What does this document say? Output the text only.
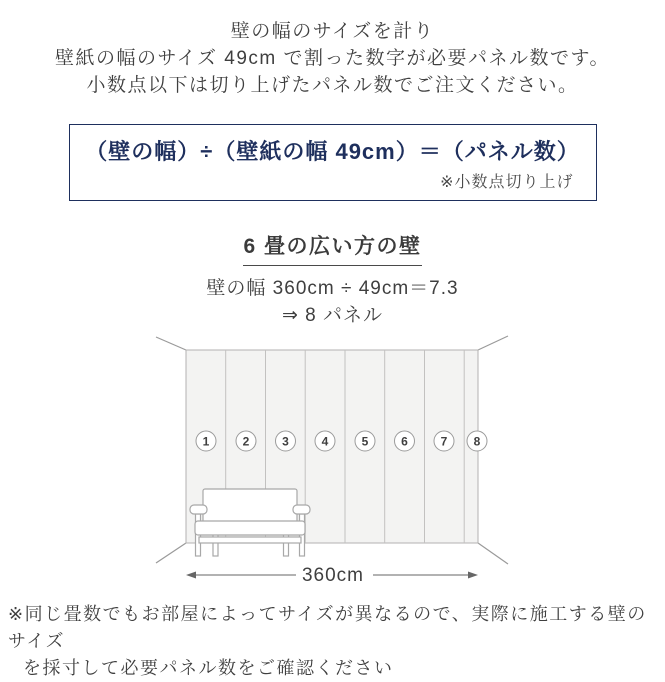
壁の幅のサイズを計り
壁紙の幅のサイズ 49cm で割った数字が必要パネル数です。
小数点以下は切り上げたパネル数でご注文ください。
（壁の幅）÷（壁紙の幅 49cm）＝（パネル数）
※小数点切り上げ
6 畳の広い方の壁
壁の幅 360cm ÷ 49cm＝7.3
⇒ 8 パネル
1	2	3	4	5	6	7 8
360cm
※同じ畳数でもお部屋によってサイズが異なるので、実際に施工する壁のサイズ
を採寸して必要パネル数をご確認ください
